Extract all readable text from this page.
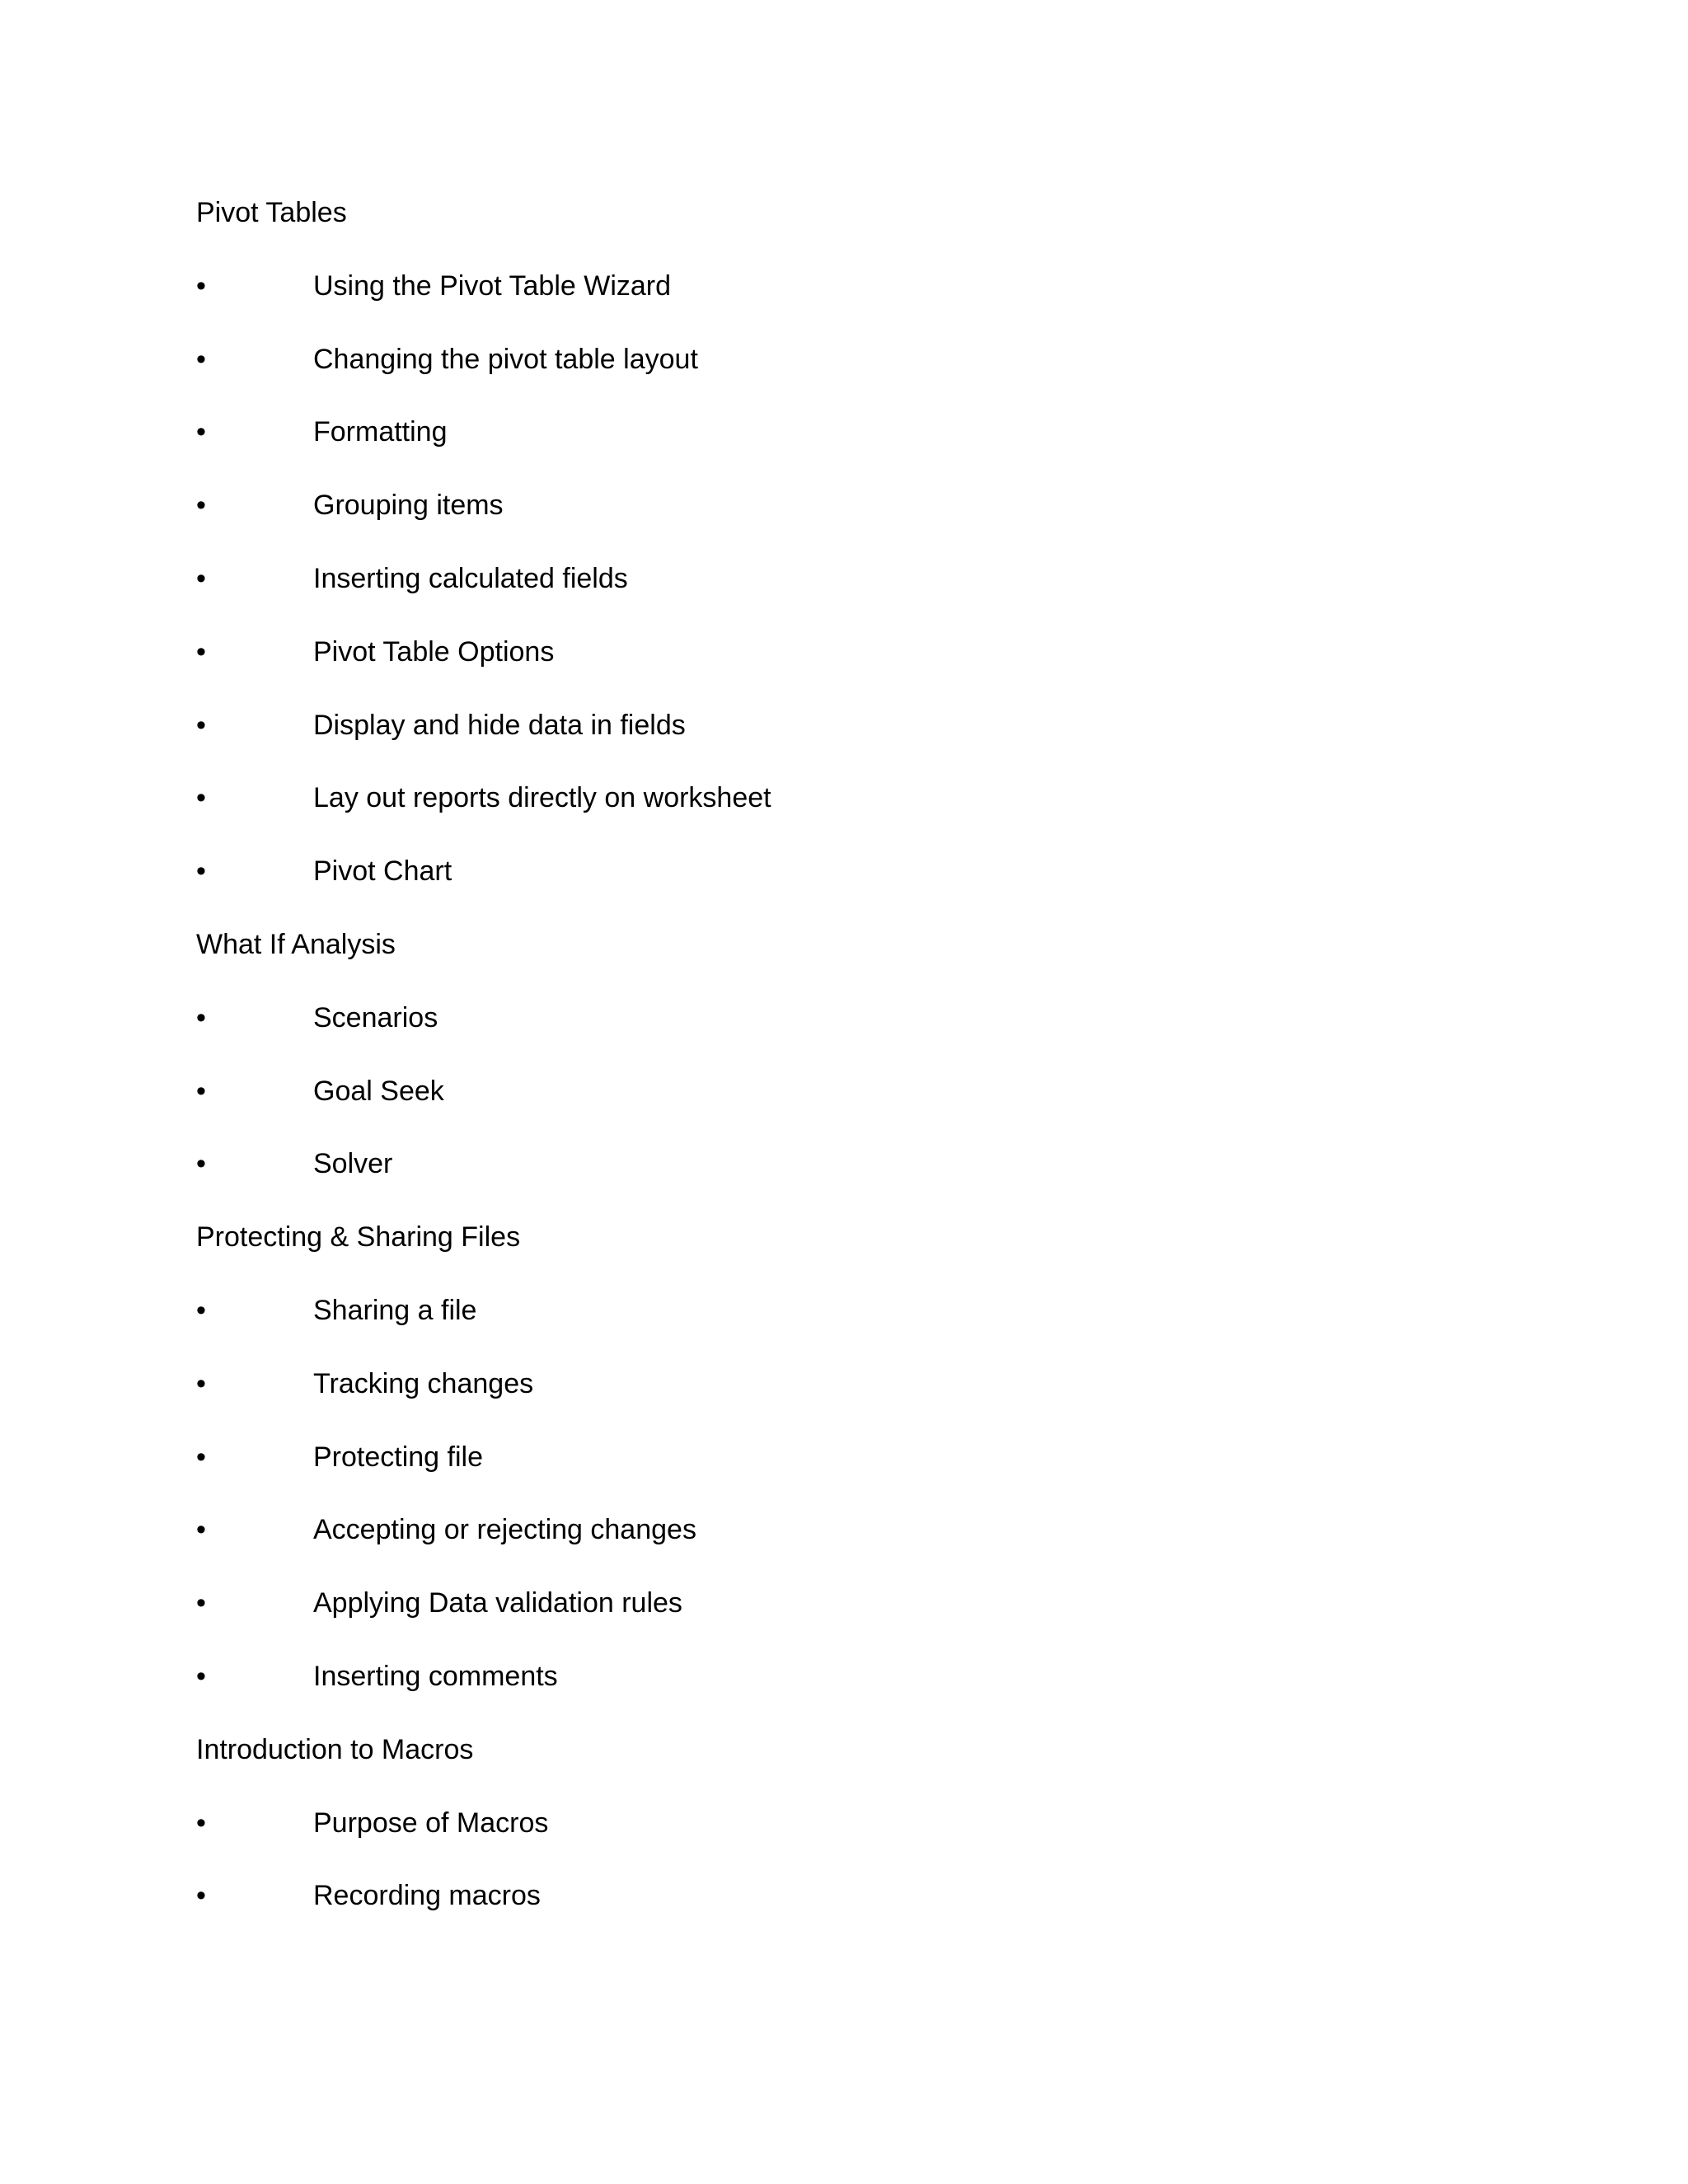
Pivot Tables
•	Using the Pivot Table Wizard
•	Changing the pivot table layout
•	Formatting
•	Grouping items
•	Inserting calculated fields
•	Pivot Table Options
•	Display and hide data in fields
•	Lay out reports directly on worksheet
•	Pivot Chart
What If Analysis
•	Scenarios
•	Goal Seek
•	Solver
Protecting & Sharing Files
•	Sharing a file
•	Tracking changes
•	Protecting file
•	Accepting or rejecting changes
•	Applying Data validation rules
•	Inserting comments
Introduction to Macros
•	Purpose of Macros
•	Recording macros
